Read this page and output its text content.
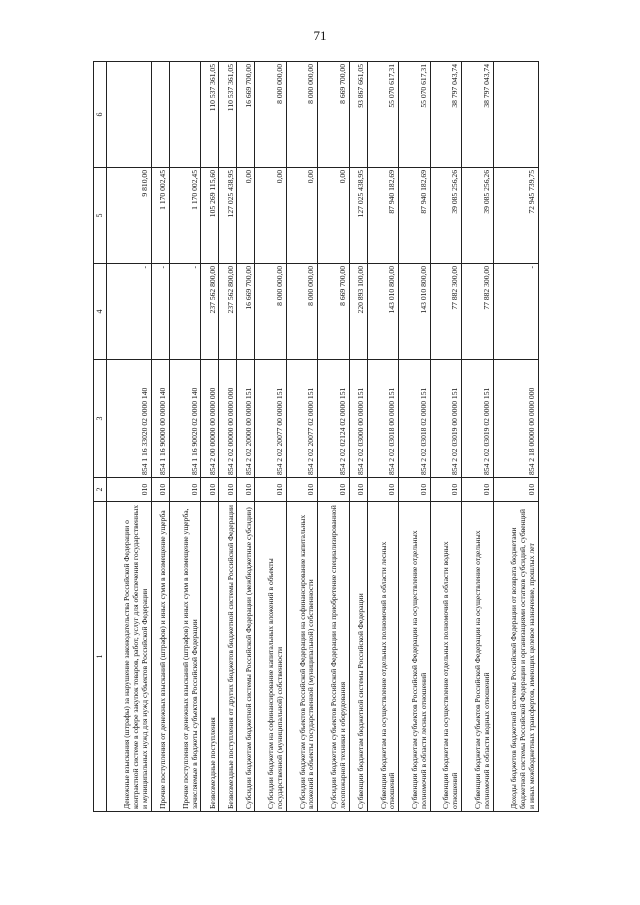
71
1	2	3	4	5	6
Денежные взыскания (штрафы) за нарушение законодательства Российской Федерации о контрактной системе в сфере закупок товаров, работ, услуг для обеспечения государственных и муниципальных нужд для нужд субъектов Российской Федерации	010	854 1 16 33020 02 0000 140	-	9 810,00	
Прочие поступления от денежных взысканий (штрафов) и иных сумм в возмещение ущерба	010	854 1 16 90000 00 0000 140	-	1 170 002,45	
Прочие поступления от денежных взысканий (штрафов) и иных сумм в возмещение ущерба, зачисляемые в бюджеты субъектов Российской Федерации	010	854 1 16 90020 02 0000 140	-	1 170 002,45	
Безвозмездные поступления	010	854 2 00 00000 00 0000 000	237 562 800,00	105 269 115,60	110 537 361,05
Безвозмездные поступления от других бюджетов бюджетной системы Российской Федерации	010	854 2 02 00000 00 0000 000	237 562 800,00	127 025 438,95	110 537 361,05
Субсидии бюджетам бюджетной системы Российской Федерации (межбюджетные субсидии)	010	854 2 02 20000 00 0000 151	16 669 700,00	0,00	16 669 700,00
Субсидии бюджетам на софинансирование капитальных вложений в объекты государственной (муниципальной) собственности	010	854 2 02 20077 00 0000 151	8 000 000,00	0,00	8 000 000,00
Субсидии бюджетам субъектов Российской Федерации на софинансирование капитальных вложений в объекты государственной (муниципальной) собственности	010	854 2 02 20077 02 0000 151	8 000 000,00	0,00	8 000 000,00
Субсидии бюджетам субъектов Российской Федерации на приобретение специализированной лесопожарной техники и оборудования	010	854 2 02 02124 02 0000 151	8 669 700,00	0,00	8 669 700,00
Субвенции бюджетам бюджетной системы Российской Федерации	010	854 2 02 03000 00 0000 151	220 893 100,00	127 025 438,95	93 867 661,05
Субвенции бюджетам на осуществление отдельных полномочий в области лесных отношений	010	854 2 02 03018 00 0000 151	143 010 800,00	87 940 182,69	55 070 617,31
Субвенции бюджетам субъектов Российской Федерации на осуществление отдельных полномочий в области лесных отношений	010	854 2 02 03018 02 0000 151	143 010 800,00	87 940 182,69	55 070 617,31
Субвенции бюджетам на осуществление отдельных полномочий в области водных отношений	010	854 2 02 03019 00 0000 151	77 882 300,00	39 085 256,26	38 797 043,74
Субвенции бюджетам субъектов Российской Федерации на осуществление отдельных полномочий в области водных отношений	010	854 2 02 03019 02 0000 151	77 882 300,00	39 085 256,26	38 797 043,74
Доходы бюджетов бюджетной системы Российской Федерации от возврата бюджетами бюджетной системы Российской Федерации и организациями остатков субсидий, субвенций и иных межбюджетных трансфертов, имеющих целевое назначение, прошлых лет	010	854 2 18 00000 00 0000 000	-	72 945 739,75	
